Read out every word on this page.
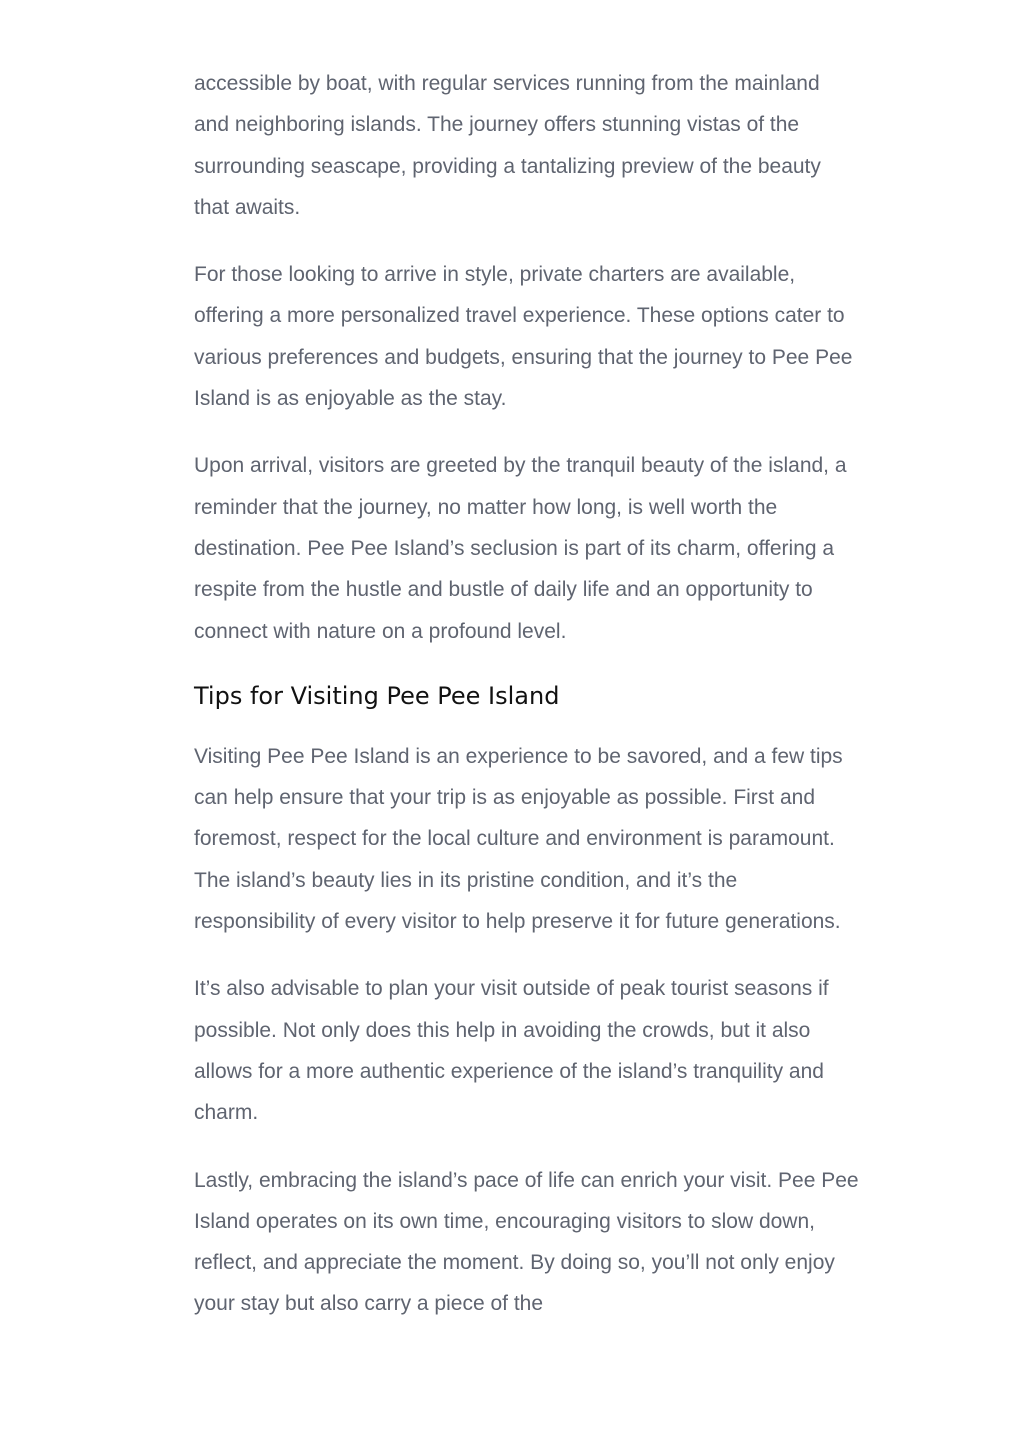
accessible by boat, with regular services running from the mainland and neighboring islands. The journey offers stunning vistas of the surrounding seascape, providing a tantalizing preview of the beauty that awaits.

For those looking to arrive in style, private charters are available, offering a more personalized travel experience. These options cater to various preferences and budgets, ensuring that the journey to Pee Pee Island is as enjoyable as the stay.

Upon arrival, visitors are greeted by the tranquil beauty of the island, a reminder that the journey, no matter how long, is well worth the destination. Pee Pee Island’s seclusion is part of its charm, offering a respite from the hustle and bustle of daily life and an opportunity to connect with nature on a profound level.

Tips for Visiting Pee Pee Island

Visiting Pee Pee Island is an experience to be savored, and a few tips can help ensure that your trip is as enjoyable as possible. First and foremost, respect for the local culture and environment is paramount. The island’s beauty lies in its pristine condition, and it’s the responsibility of every visitor to help preserve it for future generations.

It’s also advisable to plan your visit outside of peak tourist seasons if possible. Not only does this help in avoiding the crowds, but it also allows for a more authentic experience of the island’s tranquility and charm.

Lastly, embracing the island’s pace of life can enrich your visit. Pee Pee Island operates on its own time, encouraging visitors to slow down, reflect, and appreciate the moment. By doing so, you’ll not only enjoy your stay but also carry a piece of the
